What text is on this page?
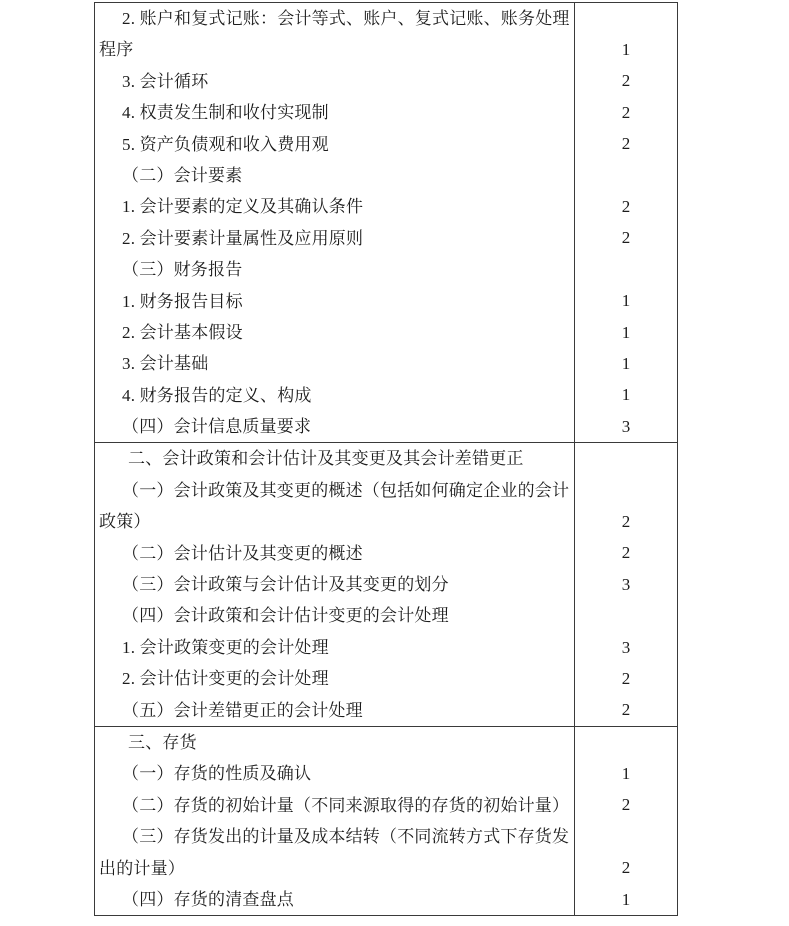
2. 账户和复式记账：会计等式、账户、复式记账、账务处理
程序	1
3. 会计循环	2
4. 权责发生制和收付实现制	2
5. 资产负债观和收入费用观	2
（二）会计要素
1. 会计要素的定义及其确认条件	2
2. 会计要素计量属性及应用原则	2
（三）财务报告
1. 财务报告目标	1
2. 会计基本假设	1
3. 会计基础	1
4. 财务报告的定义、构成	1
（四）会计信息质量要求	3
二、会计政策和会计估计及其变更及其会计差错更正
（一）会计政策及其变更的概述（包括如何确定企业的会计
政策）	2
（二）会计估计及其变更的概述	2
（三）会计政策与会计估计及其变更的划分	3
（四）会计政策和会计估计变更的会计处理
1. 会计政策变更的会计处理	3
2. 会计估计变更的会计处理	2
（五）会计差错更正的会计处理	2
三、存货
（一）存货的性质及确认	1
（二）存货的初始计量（不同来源取得的存货的初始计量）	2
（三）存货发出的计量及成本结转（不同流转方式下存货发
出的计量）	2
（四）存货的清查盘点	1
